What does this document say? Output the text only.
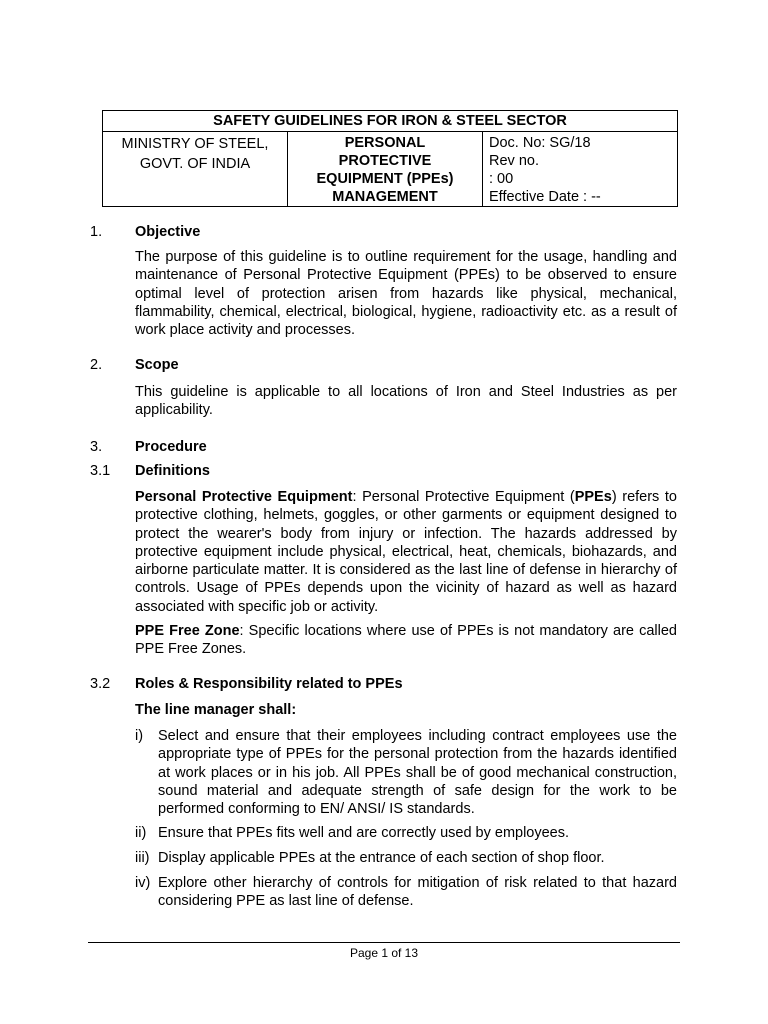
SAFETY GUIDELINES FOR IRON & STEEL SECTOR

MINISTRY OF STEEL,
GOVT. OF INDIA

PERSONAL
PROTECTIVE
EQUIPMENT (PPEs)
MANAGEMENT

Doc. No: SG/18
Rev no.
: 00
Effective Date : --
1. Objective
The purpose of this guideline is to outline requirement for the usage, handling and maintenance of Personal Protective Equipment (PPEs) to be observed to ensure optimal level of protection arisen from hazards like physical, mechanical, flammability, chemical, electrical, biological, hygiene, radioactivity etc. as a result of work place activity and processes.
2. Scope
This guideline is applicable to all locations of Iron and Steel Industries as per applicability.
3. Procedure
3.1 Definitions
Personal Protective Equipment: Personal Protective Equipment (PPEs) refers to protective clothing, helmets, goggles, or other garments or equipment designed to protect the wearer's body from injury or infection. The hazards addressed by protective equipment include physical, electrical, heat, chemicals, biohazards, and airborne particulate matter. It is considered as the last line of defense in hierarchy of controls. Usage of PPEs depends upon the vicinity of hazard as well as hazard associated with specific job or activity.
PPE Free Zone: Specific locations where use of PPEs is not mandatory are called PPE Free Zones.
3.2 Roles & Responsibility related to PPEs
The line manager shall:
i) Select and ensure that their employees including contract employees use the appropriate type of PPEs for the personal protection from the hazards identified at work places or in his job. All PPEs shall be of good mechanical construction, sound material and adequate strength of safe design for the work to be performed conforming to EN/ ANSI/ IS standards.
ii) Ensure that PPEs fits well and are correctly used by employees.
iii) Display applicable PPEs at the entrance of each section of shop floor.
iv) Explore other hierarchy of controls for mitigation of risk related to that hazard considering PPE as last line of defense.
Page 1 of 13
